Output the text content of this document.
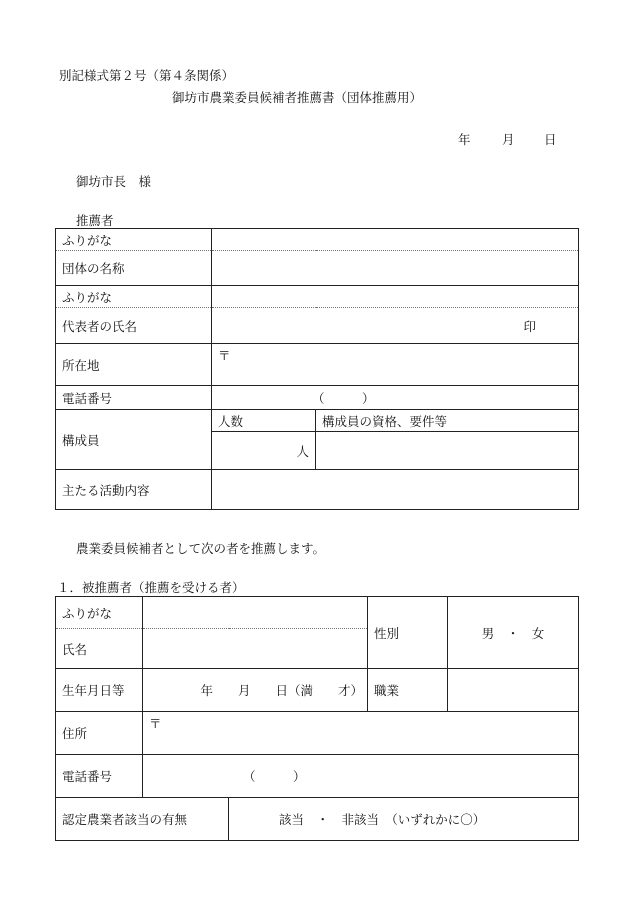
別記様式第２号（第４条関係）
御坊市農業委員候補者推薦書（団体推薦用）
年	月 日
御坊市長　様
推薦者
ふりがな		
団体の名称		
ふりがな		
代表者の氏名	印	
所在地	〒	
電話番号	（　　　）	
構成員	人数	構成員の資格、要件等
	人	
主たる活動内容		
農業委員候補者として次の者を推薦します。
１．被推薦者（推薦を受ける者）
ふりがな			性別	男　・　女
氏名				
生年月日等	年　　月　　日（満　　才）		職業	
住所	〒			
電話番号	（　　　）			
認定農業者該当の有無		該当　・　非該当　（いずれかに〇）		
